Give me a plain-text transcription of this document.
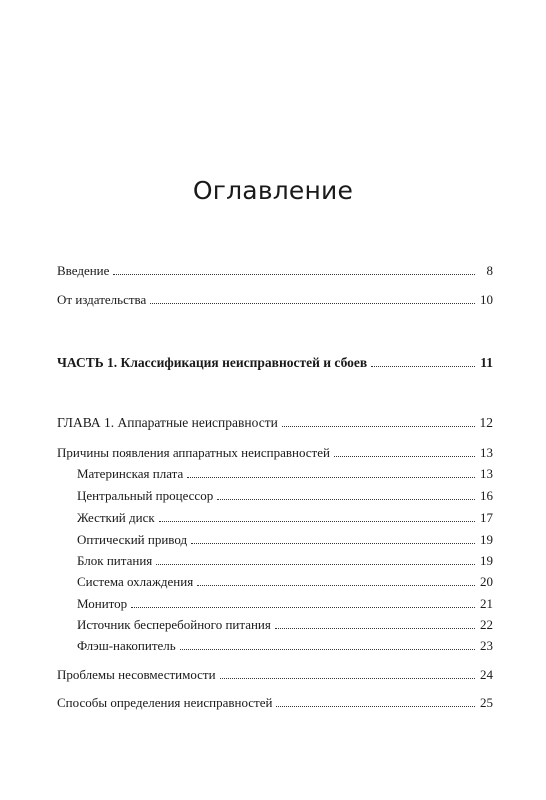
Оглавление
Введение	8
От издательства	10
ЧАСТЬ 1. Классификация неисправностей и сбоев	11
ГЛАВА 1. Аппаратные неисправности	12
Причины появления аппаратных неисправностей	13
Материнская плата	13
Центральный процессор	16
Жесткий диск	17
Оптический привод	19
Блок питания	19
Система охлаждения	20
Монитор	21
Источник бесперебойного питания	22
Флэш-накопитель	23
Проблемы несовместимости	24
Способы определения неисправностей	25
